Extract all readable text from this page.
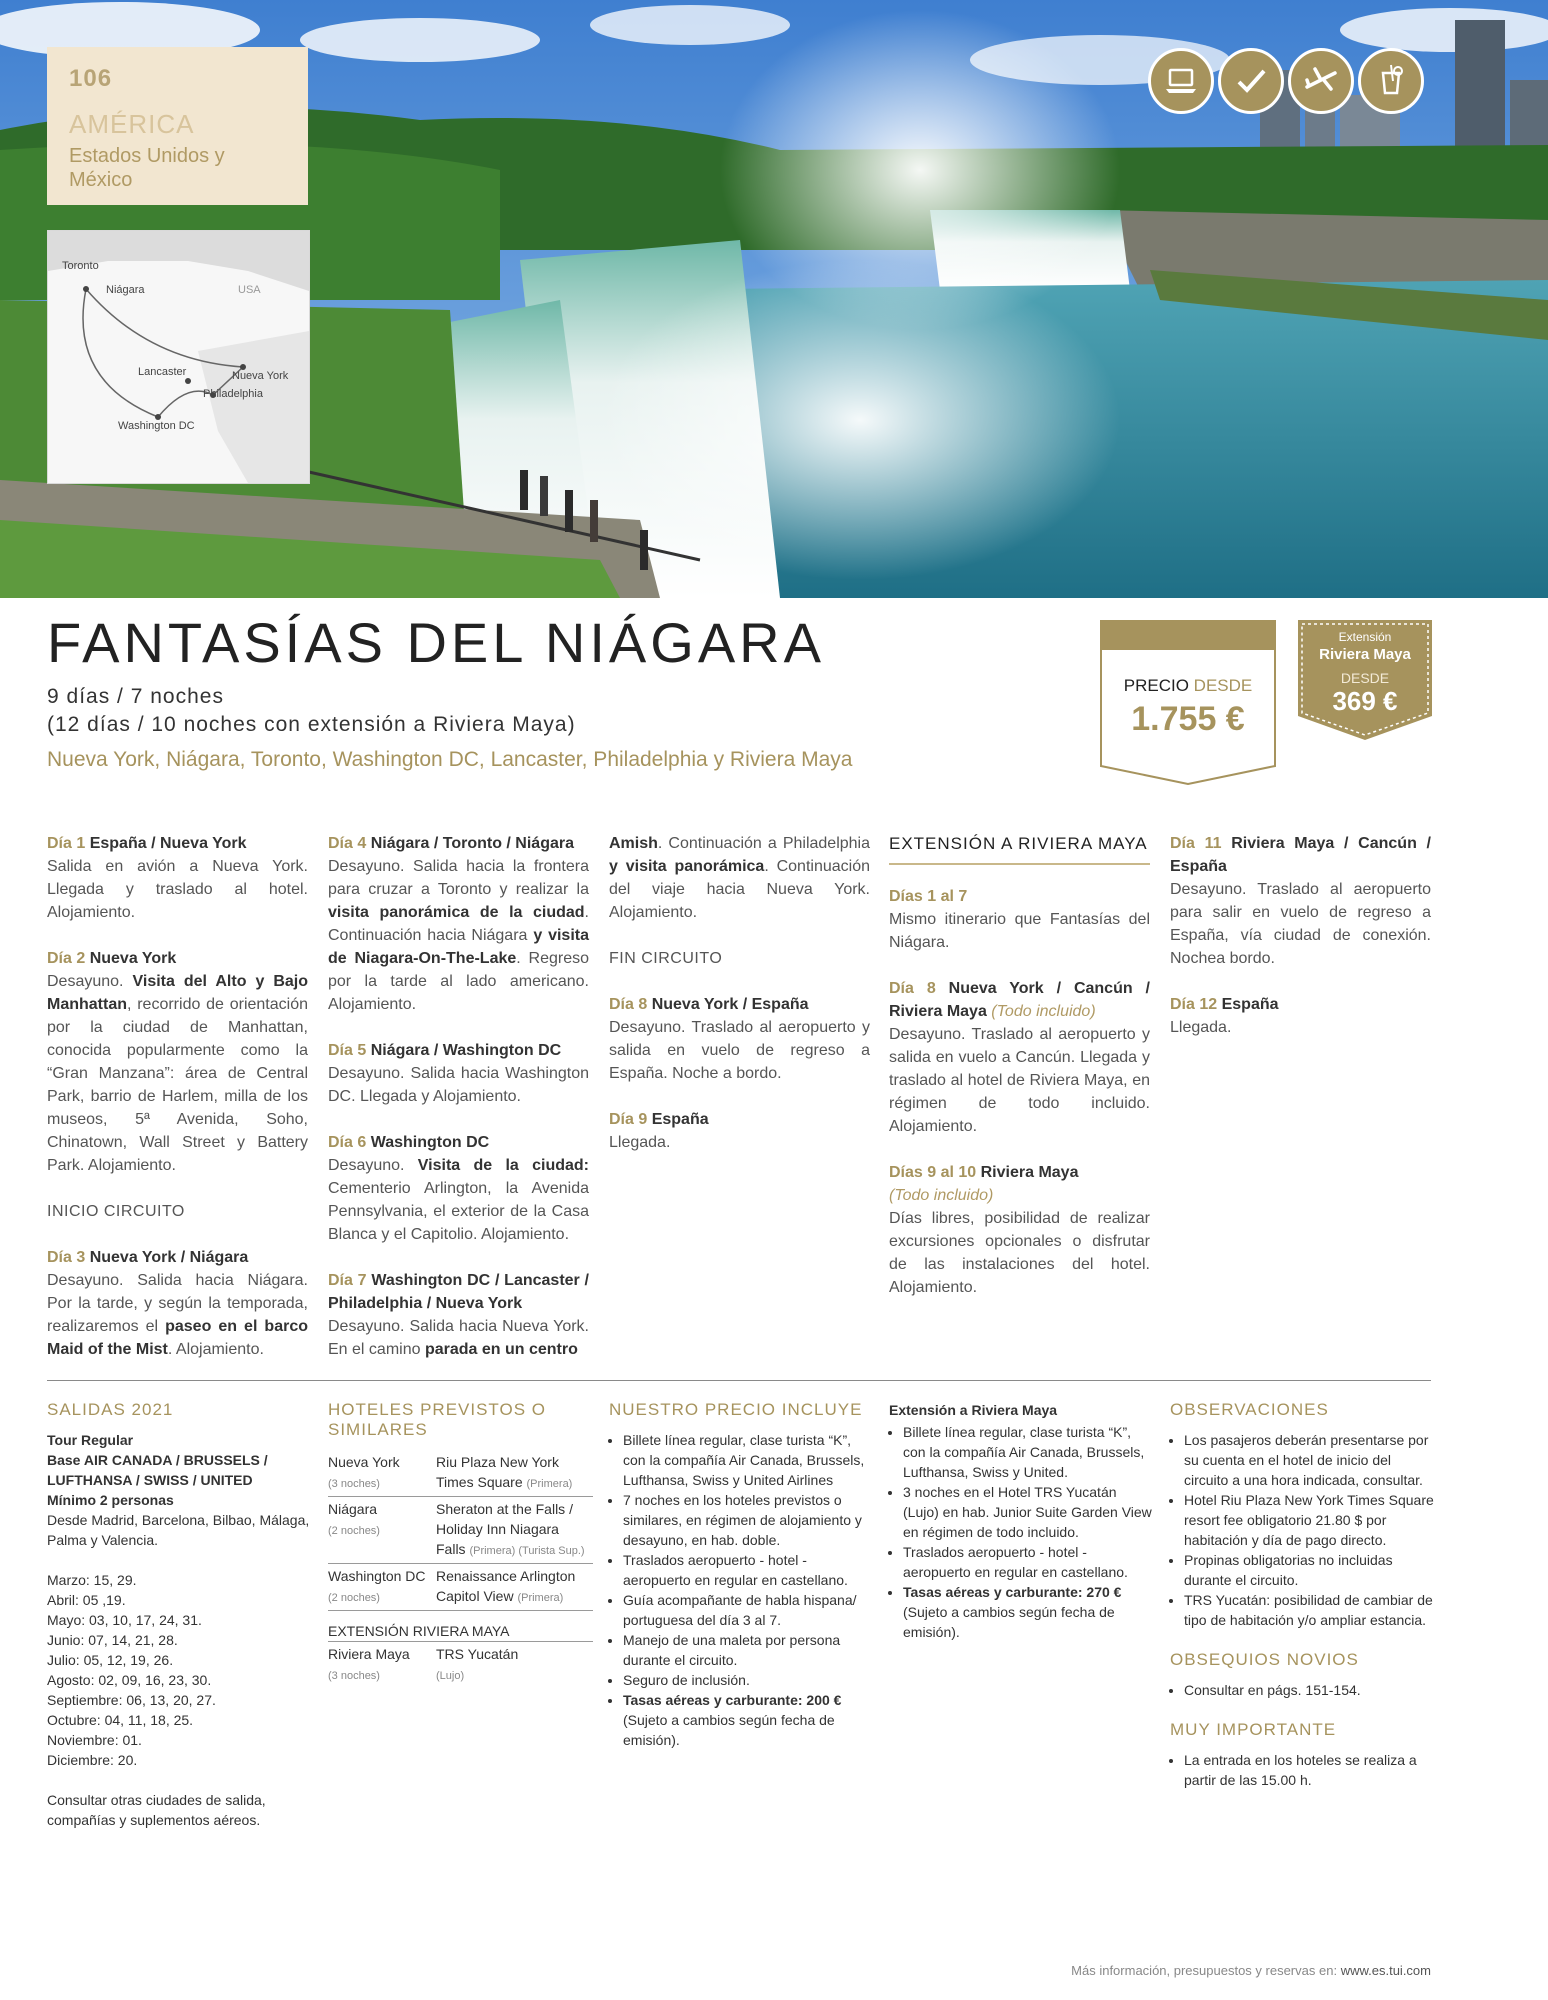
106
AMÉRICA
Estados Unidos y México
Toronto
Niágara	USA
Lancaster	Nueva York
Philadelphia
Washington DC
FANTASÍAS DEL NIÁGARA
9 días / 7 noches
(12 días / 10 noches con extensión a Riviera Maya)
Nueva York, Niágara, Toronto, Washington DC, Lancaster, Philadelphia y Riviera Maya
PRECIO DESDE
1.755 €
Extensión
Riviera Maya
DESDE
369 €

Día 1 España / Nueva York
Salida en avión a Nueva York. Llegada y traslado al hotel. Alojamiento.

Día 2 Nueva York
Desayuno. Visita del Alto y Bajo Manhattan, recorrido de orientación por la ciudad de Manhattan, conocida popularmente como la “Gran Manzana”: área de Central Park, barrio de Harlem, milla de los museos, 5ª Avenida, Soho, Chinatown, Wall Street y Battery Park. Alojamiento.

INICIO CIRCUITO

Día 3 Nueva York / Niágara
Desayuno. Salida hacia Niágara. Por la tarde, y según la temporada, realizaremos el paseo en el barco Maid of the Mist. Alojamiento.

Día 4 Niágara / Toronto / Niágara
Desayuno. Salida hacia la frontera para cruzar a Toronto y realizar la visita panorámica de la ciudad. Continuación hacia Niágara y visita de Niagara-On-The-Lake. Regreso por la tarde al lado americano. Alojamiento.

Día 5 Niágara / Washington DC
Desayuno. Salida hacia Washington DC. Llegada y Alojamiento.

Día 6 Washington DC
Desayuno. Visita de la ciudad: Cementerio Arlington, la Avenida Pennsylvania, el exterior de la Casa Blanca y el Capitolio. Alojamiento.

Día 7 Washington DC / Lancaster / Philadelphia / Nueva York
Desayuno. Salida hacia Nueva York. En el camino parada en un centro

Amish. Continuación a Philadelphia y visita panorámica. Continuación del viaje hacia Nueva York. Alojamiento.

FIN CIRCUITO

Día 8 Nueva York / España
Desayuno. Traslado al aeropuerto y salida en vuelo de regreso a España. Noche a bordo.

Día 9 España
Llegada.

EXTENSIÓN A RIVIERA MAYA

Días 1 al 7
Mismo itinerario que Fantasías del Niágara.

Día 8 Nueva York / Cancún / Riviera Maya (Todo incluido)
Desayuno. Traslado al aeropuerto y salida en vuelo a Cancún. Llegada y traslado al hotel de Riviera Maya, en régimen de todo incluido. Alojamiento.

Días 9 al 10 Riviera Maya
(Todo incluido)
Días libres, posibilidad de realizar excursiones opcionales o disfrutar de las instalaciones del hotel. Alojamiento.

Día 11 Riviera Maya / Cancún / España
Desayuno. Traslado al aeropuerto para salir en vuelo de regreso a España, vía ciudad de conexión. Nochea bordo.

Día 12 España
Llegada.

SALIDAS 2021
Tour Regular
Base AIR CANADA / BRUSSELS / LUFTHANSA / SWISS / UNITED
Mínimo 2 personas
Desde Madrid, Barcelona, Bilbao, Málaga, Palma y Valencia.
Marzo: 15, 29.
Abril: 05 ,19.
Mayo: 03, 10, 17, 24, 31.
Junio: 07, 14, 21, 28.
Julio: 05, 12, 19, 26.
Agosto: 02, 09, 16, 23, 30.
Septiembre: 06, 13, 20, 27.
Octubre: 04, 11, 18, 25.
Noviembre: 01.
Diciembre: 20.
Consultar otras ciudades de salida, compañías y suplementos aéreos.
HOTELES PREVISTOS O SIMILARES
Nueva York
(3 noches)
Riu Plaza New York Times Square (Primera)
Niágara
(2 noches)
Sheraton at the Falls / Holiday Inn Niagara Falls (Primera) (Turista Sup.)
Washington DC
(2 noches)
Renaissance Arlington Capitol View (Primera)
EXTENSIÓN RIVIERA MAYA
Riviera Maya
(3 noches)
TRS Yucatán
(Lujo)
NUESTRO PRECIO INCLUYE
• Billete línea regular, clase turista “K”, con la compañía Air Canada, Brussels, Lufthansa, Swiss y United Airlines
• 7 noches en los hoteles previstos o similares, en régimen de alojamiento y desayuno, en hab. doble.
• Traslados aeropuerto - hotel - aeropuerto en regular en castellano.
• Guía acompañante de habla hispana/ portuguesa del día 3 al 7.
• Manejo de una maleta por persona durante el circuito.
• Seguro de inclusión.
• Tasas aéreas y carburante: 200 €
(Sujeto a cambios según fecha de emisión).
Extensión a Riviera Maya
• Billete línea regular, clase turista “K”, con la compañía Air Canada, Brussels, Lufthansa, Swiss y United.
• 3 noches en el Hotel TRS Yucatán (Lujo) en hab. Junior Suite Garden View en régimen de todo incluido.
• Traslados aeropuerto - hotel - aeropuerto en regular en castellano.
• Tasas aéreas y carburante: 270 €
(Sujeto a cambios según fecha de emisión).
OBSERVACIONES
• Los pasajeros deberán presentarse por su cuenta en el hotel de inicio del circuito a una hora indicada, consultar.
• Hotel Riu Plaza New York Times Square resort fee obligatorio 21.80 $ por habitación y día de pago directo.
• Propinas obligatorias no incluidas durante el circuito.
• TRS Yucatán: posibilidad de cambiar de tipo de habitación y/o ampliar estancia.
OBSEQUIOS NOVIOS
• Consultar en págs. 151-154.
MUY IMPORTANTE
• La entrada en los hoteles se realiza a partir de las 15.00 h.
Más información, presupuestos y reservas en: www.es.tui.com
